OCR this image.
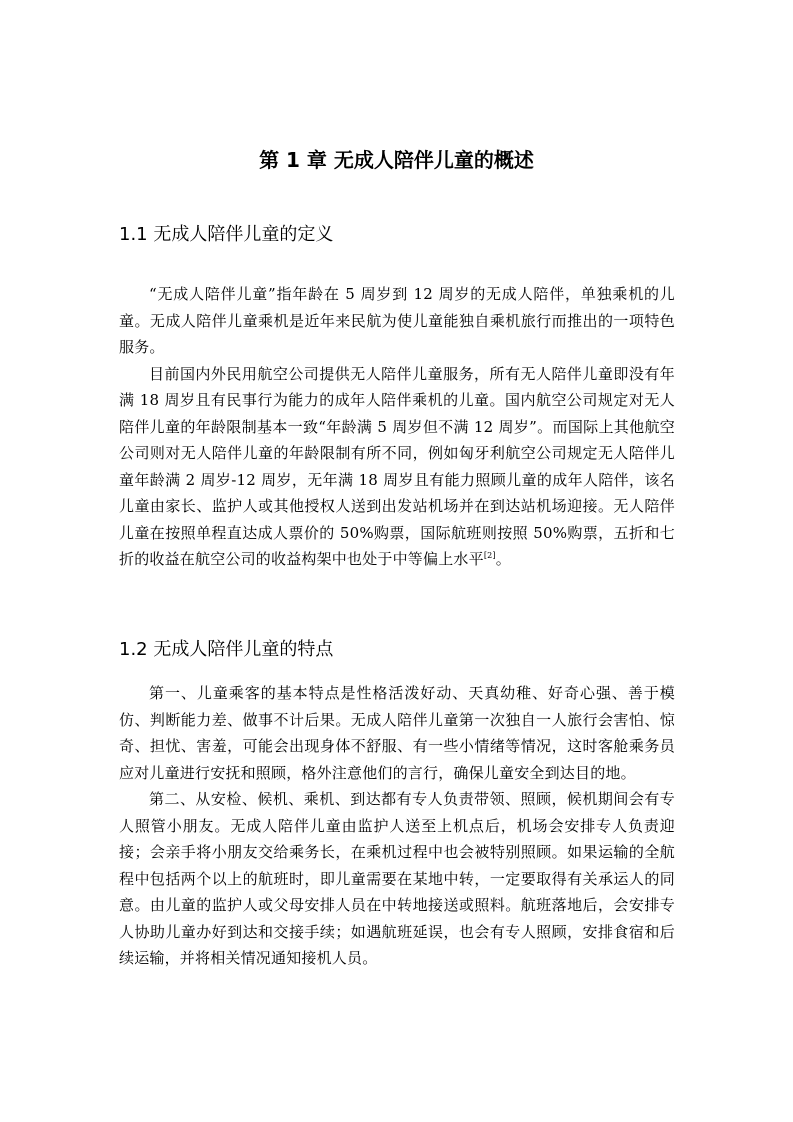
第 1 章 无成人陪伴儿童的概述
1.1 无成人陪伴儿童的定义

“无成人陪伴儿童”指年龄在 5 周岁到 12 周岁的无成人陪伴，单独乘机的儿童。无成人陪伴儿童乘机是近年来民航为使儿童能独自乘机旅行而推出的一项特色服务。

目前国内外民用航空公司提供无人陪伴儿童服务，所有无人陪伴儿童即没有年满 18 周岁且有民事行为能力的成年人陪伴乘机的儿童。国内航空公司规定对无人陪伴儿童的年龄限制基本一致“年龄满 5 周岁但不满 12 周岁”。而国际上其他航空公司则对无人陪伴儿童的年龄限制有所不同，例如匈牙利航空公司规定无人陪伴儿童年龄满 2 周岁-12 周岁，无年满 18 周岁且有能力照顾儿童的成年人陪伴，该名儿童由家长、监护人或其他授权人送到出发站机场并在到达站机场迎接。无人陪伴儿童在按照单程直达成人票价的 50%购票，国际航班则按照 50%购票，五折和七折的收益在航空公司的收益构架中也处于中等偏上水平[2]。

1.2 无成人陪伴儿童的特点

第一、儿童乘客的基本特点是性格活泼好动、天真幼稚、好奇心强、善于模仿、判断能力差、做事不计后果。无成人陪伴儿童第一次独自一人旅行会害怕、惊奇、担忧、害羞，可能会出现身体不舒服、有一些小情绪等情况，这时客舱乘务员应对儿童进行安抚和照顾，格外注意他们的言行，确保儿童安全到达目的地。

第二、从安检、候机、乘机、到达都有专人负责带领、照顾，候机期间会有专人照管小朋友。无成人陪伴儿童由监护人送至上机点后，机场会安排专人负责迎接；会亲手将小朋友交给乘务长，在乘机过程中也会被特别照顾。如果运输的全航程中包括两个以上的航班时，即儿童需要在某地中转，一定要取得有关承运人的同意。由儿童的监护人或父母安排人员在中转地接送或照料。航班落地后，会安排专人协助儿童办好到达和交接手续；如遇航班延误，也会有专人照顾，安排食宿和后续运输，并将相关情况通知接机人员。
